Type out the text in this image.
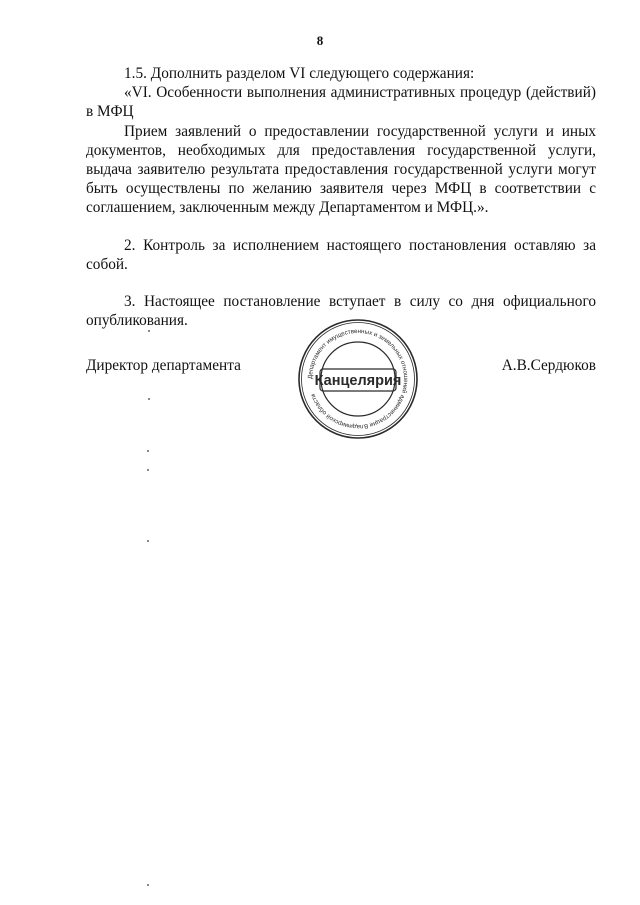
8

1.5. Дополнить разделом VI следующего содержания:

«VI. Особенности выполнения административных процедур (действий) в МФЦ

Прием заявлений о предоставлении государственной услуги и иных документов, необходимых для предоставления государственной услуги, выдача заявителю результата предоставления государственной услуги могут быть осуществлены по желанию заявителя через МФЦ в соответствии с соглашением, заключенным между Департаментом и МФЦ.».

2. Контроль за исполнением настоящего постановления оставляю за собой.

3. Настоящее постановление вступает в силу со дня официального опубликования.

Директор департамента	А.В.Сердюков
Департамент имущественных и земельных отношений администрации Владимирской области
Канцелярия
